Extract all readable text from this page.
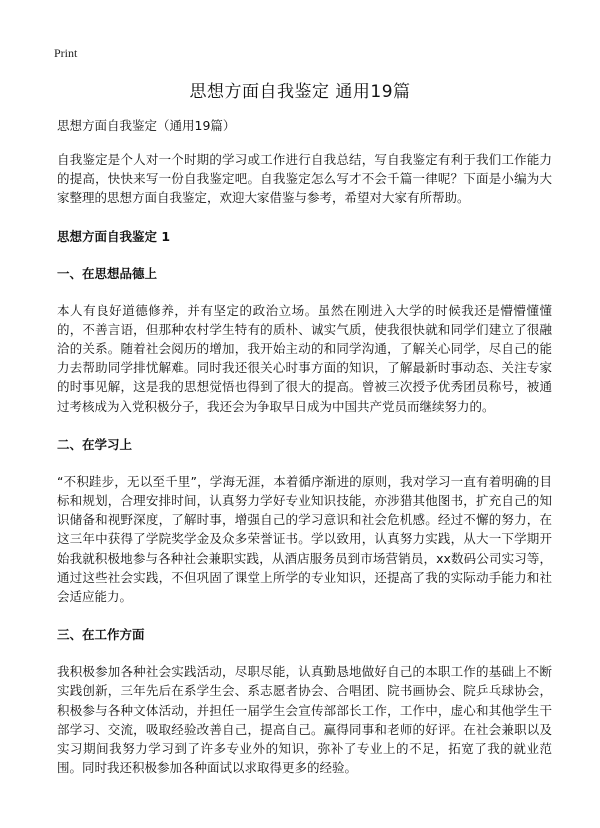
Print
思想方面自我鉴定 通用19篇
思想方面自我鉴定（通用19篇）

自我鉴定是个人对一个时期的学习或工作进行自我总结，写自我鉴定有利于我们工作能力的提高，快快来写一份自我鉴定吧。自我鉴定怎么写才不会千篇一律呢？下面是小编为大家整理的思想方面自我鉴定，欢迎大家借鉴与参考，希望对大家有所帮助。

思想方面自我鉴定 1
一、在思想品德上

本人有良好道德修养，并有坚定的政治立场。虽然在刚进入大学的时候我还是懵懵懂懂的，不善言语，但那种农村学生特有的质朴、诚实气质，使我很快就和同学们建立了很融洽的关系。随着社会阅历的增加，我开始主动的和同学沟通，了解关心同学，尽自己的能力去帮助同学排忧解难。同时我还很关心时事方面的知识，了解最新时事动态、关注专家的时事见解，这是我的思想觉悟也得到了很大的提高。曾被三次授予优秀团员称号，被通过考核成为入党积极分子，我还会为争取早日成为中国共产党员而继续努力的。

二、在学习上

“不积跬步，无以至千里”，学海无涯，本着循序渐进的原则，我对学习一直有着明确的目标和规划，合理安排时间，认真努力学好专业知识技能，亦涉猎其他图书，扩充自己的知识储备和视野深度，了解时事，增强自己的学习意识和社会危机感。经过不懈的努力，在这三年中获得了学院奖学金及众多荣誉证书。学以致用，认真努力实践，从大一下学期开始我就积极地参与各种社会兼职实践，从酒店服务员到市场营销员，xx数码公司实习等，通过这些社会实践，不但巩固了课堂上所学的专业知识，还提高了我的实际动手能力和社会适应能力。

三、在工作方面

我积极参加各种社会实践活动，尽职尽能，认真勤恳地做好自己的本职工作的基础上不断实践创新，三年先后在系学生会、系志愿者协会、合唱团、院书画协会、院乒乓球协会，积极参与各种文体活动，并担任一届学生会宣传部部长工作，工作中，虚心和其他学生干部学习、交流，吸取经验改善自己，提高自己。赢得同事和老师的好评。在社会兼职以及实习期间我努力学习到了许多专业外的知识，弥补了专业上的不足，拓宽了我的就业范围。同时我还积极参加各种面试以求取得更多的经验。
